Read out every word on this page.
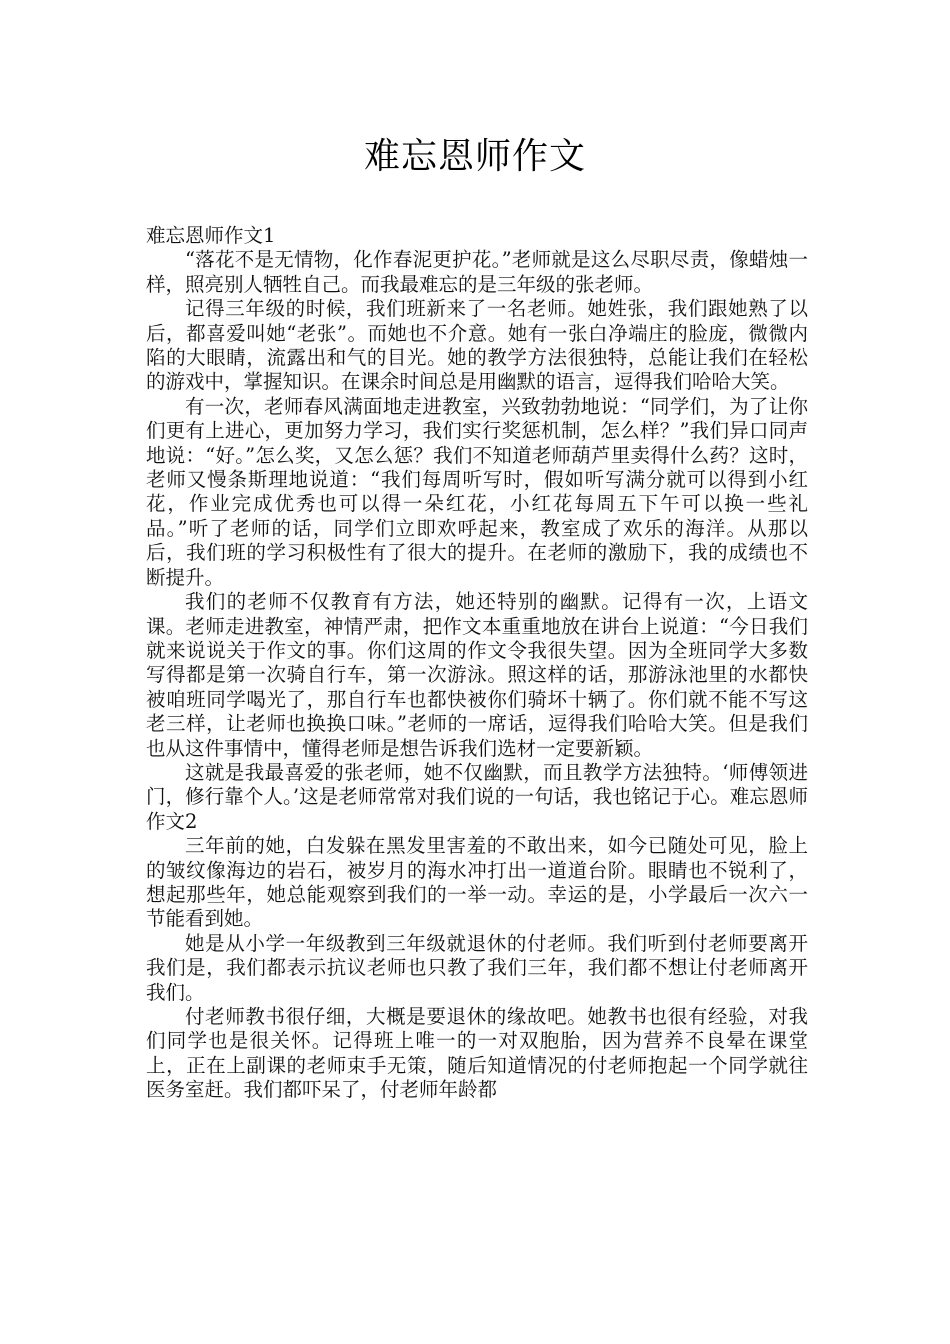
难忘恩师作文

难忘恩师作文1

“落花不是无情物，化作春泥更护花。”老师就是这么尽职尽责，像蜡烛一样，照亮别人牺牲自己。而我最难忘的是三年级的张老师。

记得三年级的时候，我们班新来了一名老师。她姓张，我们跟她熟了以后，都喜爱叫她“老张”。而她也不介意。她有一张白净端庄的脸庞，微微内陷的大眼睛，流露出和气的目光。她的教学方法很独特，总能让我们在轻松的游戏中，掌握知识。在课余时间总是用幽默的语言，逗得我们哈哈大笑。

有一次，老师春风满面地走进教室，兴致勃勃地说：“同学们，为了让你们更有上进心，更加努力学习，我们实行奖惩机制，怎么样？”我们异口同声地说：“好。”怎么奖，又怎么惩？我们不知道老师葫芦里卖得什么药？这时，老师又慢条斯理地说道：“我们每周听写时，假如听写满分就可以得到小红花，作业完成优秀也可以得一朵红花，小红花每周五下午可以换一些礼品。”听了老师的话，同学们立即欢呼起来，教室成了欢乐的海洋。从那以后，我们班的学习积极性有了很大的提升。在老师的激励下，我的成绩也不断提升。

我们的老师不仅教育有方法，她还特别的幽默。记得有一次，上语文课。老师走进教室，神情严肃，把作文本重重地放在讲台上说道：“今日我们就来说说关于作文的事。你们这周的作文令我很失望。因为全班同学大多数写得都是第一次骑自行车，第一次游泳。照这样的话，那游泳池里的水都快被咱班同学喝光了，那自行车也都快被你们骑坏十辆了。你们就不能不写这老三样，让老师也换换口味。”老师的一席话，逗得我们哈哈大笑。但是我们也从这件事情中，懂得老师是想告诉我们选材一定要新颖。

这就是我最喜爱的张老师，她不仅幽默，而且教学方法独特。‘师傅领进门，修行靠个人。’这是老师常常对我们说的一句话，我也铭记于心。难忘恩师作文2

三年前的她，白发躲在黑发里害羞的不敢出来，如今已随处可见，脸上的皱纹像海边的岩石，被岁月的海水冲打出一道道台阶。眼睛也不锐利了，想起那些年，她总能观察到我们的一举一动。幸运的是，小学最后一次六一节能看到她。

她是从小学一年级教到三年级就退休的付老师。我们听到付老师要离开我们是，我们都表示抗议老师也只教了我们三年，我们都不想让付老师离开我们。

付老师教书很仔细，大概是要退休的缘故吧。她教书也很有经验，对我们同学也是很关怀。记得班上唯一的一对双胞胎，因为营养不良晕在课堂上，正在上副课的老师束手无策，随后知道情况的付老师抱起一个同学就往医务室赶。我们都吓呆了，付老师年龄都
